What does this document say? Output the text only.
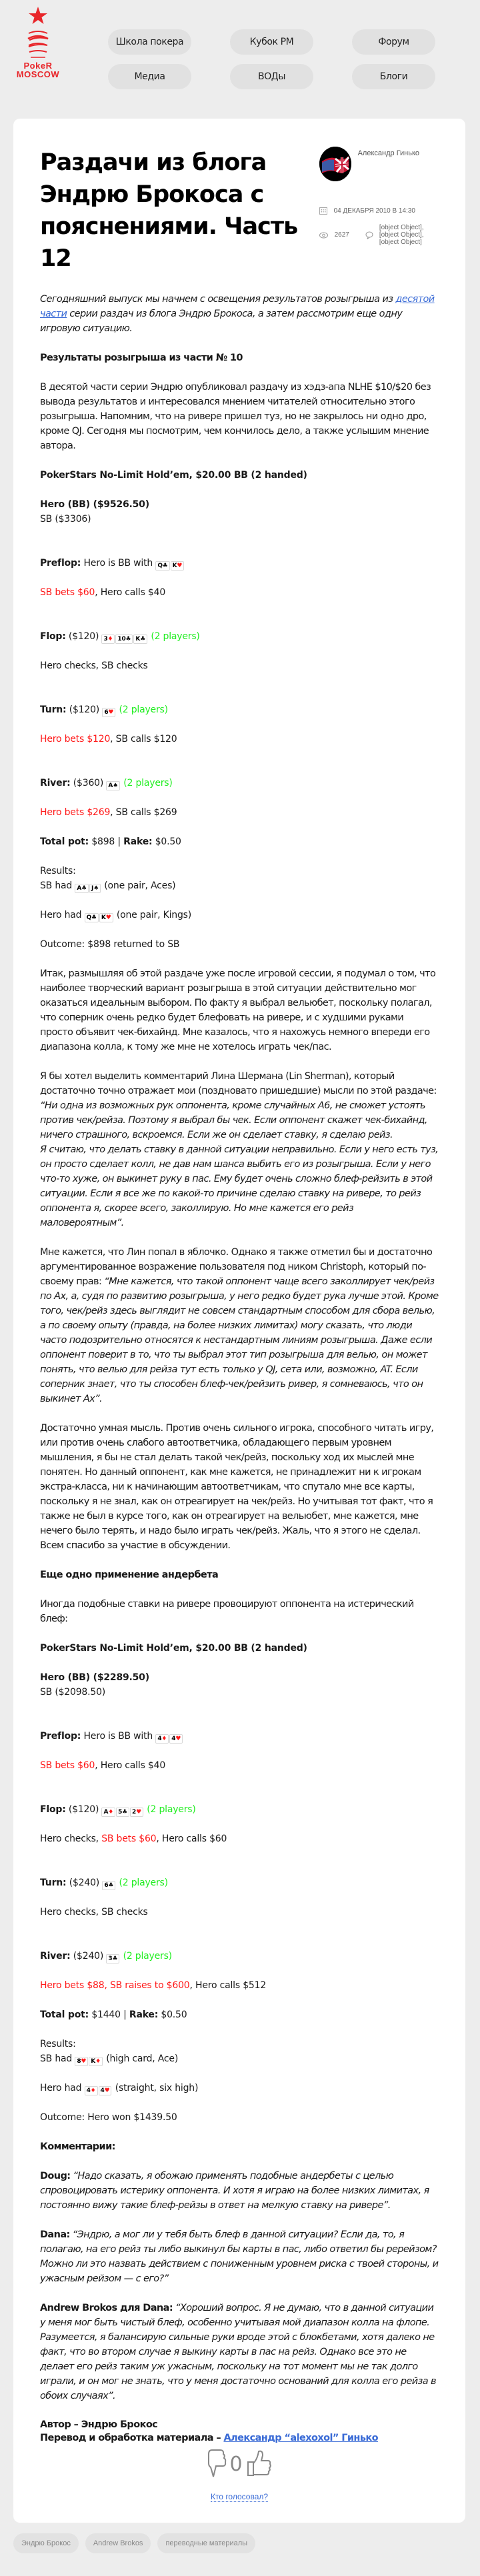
PokeR
MOSCOW
Школа покера	Кубок PM	Форум
Медиа	ВОДы	Блоги
Раздачи из блога Эндрю Брокоса с пояснениями. Часть 12
Александр Гинько
04 ДЕКАБРЯ 2010 В 14:30
2627
[object Object],[object Object],[object Object]

Сегодняшний выпуск мы начнем с освещения результатов розыгрыша из десятой части серии раздач из блога Эндрю Брокоса, а затем рассмотрим еще одну игровую ситуацию.

Результаты розыгрыша из части № 10

В десятой части серии Эндрю опубликовал раздачу из хэдз-апа NLHE $10/$20 без вывода результатов и интересовался мнением читателей относительно этого розыгрыша. Напомним, что на ривере пришел туз, но не закрылось ни одно дро, кроме QJ. Сегодня мы посмотрим, чем кончилось дело, а также услышим мнение автора.

PokerStars No-Limit Hold’em, $20.00 BB (2 handed)

Hero (BB) ($9526.50)

SB ($3306)

Preflop: Hero is BB with Q♣ K♥

SB bets $60, Hero calls $40

Flop: ($120) 3♦ 10♣ K♣ (2 players)

Hero checks, SB checks

Turn: ($120) 6♥ (2 players)

Hero bets $120, SB calls $120

River: ($360) A♠ (2 players)

Hero bets $269, SB calls $269

Total pot: $898 | Rake: $0.50

Results:

SB had A♣ J♠ (one pair, Aces)

Hero had Q♣ K♥ (one pair, Kings)

Outcome: $898 returned to SB

Итак, размышляя об этой раздаче уже после игровой сессии, я подумал о том, что наиболее творческий вариант розыгрыша в этой ситуации действительно мог оказаться идеальным выбором. По факту я выбрал вельюбет, поскольку полагал, что соперник очень редко будет блефовать на ривере, и с худшими руками просто объявит чек-бихайнд. Мне казалось, что я нахожусь немного впереди его диапазона колла, к тому же мне не хотелось играть чек/пас.

Я бы хотел выделить комментарий Лина Шермана (Lin Sherman), который достаточно точно отражает мои (поздновато пришедшие) мысли по этой раздаче: “Ни одна из возможных рук оппонента, кроме случайных A6, не сможет устоять против чек/рейза. Поэтому я выбрал бы чек. Если оппонент скажет чек-бихайнд, ничего страшного, вскроемся. Если же он сделает ставку, я сделаю рейз.
Я считаю, что делать ставку в данной ситуации неправильно. Если у него есть туз, он просто сделает колл, не дав нам шанса выбить его из розыгрыша. Если у него что-то хуже, он выкинет руку в пас. Ему будет очень сложно блеф-рейзить в этой ситуации. Если я все же по какой-то причине сделаю ставку на ривере, то рейз оппонента я, скорее всего, заколлирую. Но мне кажется его рейз маловероятным”.

Мне кажется, что Лин попал в яблочко. Однако я также отметил бы и достаточно аргументированное возражение пользователя под ником Christoph, который по-своему прав: “Мне кажется, что такой оппонент чаще всего заколлирует чек/рейз по Ax, а, судя по развитию розыгрыша, у него редко будет рука лучше этой. Кроме того, чек/рейз здесь выглядит не совсем стандартным способом для сбора велью, а по своему опыту (правда, на более низких лимитах) могу сказать, что люди часто подозрительно относятся к нестандартным линиям розыгрыша. Даже если оппонент поверит в то, что ты выбрал этот тип розыгрыша для велью, он может понять, что велью для рейза тут есть только у QJ, сета или, возможно, AT. Если соперник знает, что ты способен блеф-чек/рейзить ривер, я сомневаюсь, что он выкинет Ax”.

Достаточно умная мысль. Против очень сильного игрока, способного читать игру, или против очень слабого автоответчика, обладающего первым уровнем мышления, я бы не стал делать такой чек/рейз, поскольку ход их мыслей мне понятен. Но данный оппонент, как мне кажется, не принадлежит ни к игрокам экстра-класса, ни к начинающим автоответчикам, что спутало мне все карты, поскольку я не знал, как он отреагирует на чек/рейз. Но учитывая тот факт, что я также не был в курсе того, как он отреагирует на вельюбет, мне кажется, мне нечего было терять, и надо было играть чек/рейз. Жаль, что я этого не сделал. Всем спасибо за участие в обсуждении.

Еще одно применение андербета

Иногда подобные ставки на ривере провоцируют оппонента на истерический блеф:

PokerStars No-Limit Hold’em, $20.00 BB (2 handed)

Hero (BB) ($2289.50)

SB ($2098.50)

Preflop: Hero is BB with 4♦ 4♥

SB bets $60, Hero calls $40

Flop: ($120) A♦ 5♣ 2♥ (2 players)

Hero checks, SB bets $60, Hero calls $60

Turn: ($240) 6♣ (2 players)

Hero checks, SB checks

River: ($240) 3♣ (2 players)

Hero bets $88, SB raises to $600, Hero calls $512

Total pot: $1440 | Rake: $0.50

Results:

SB had 8♥ K♦ (high card, Ace)

Hero had 4♦ 4♥ (straight, six high)

Outcome: Hero won $1439.50

Комментарии:

Doug: “Надо сказать, я обожаю применять подобные андербеты с целью спровоцировать истерику оппонента. И хотя я играю на более низких лимитах, я постоянно вижу такие блеф-рейзы в ответ на мелкую ставку на ривере”.

Dana: “Эндрю, а мог ли у тебя быть блеф в данной ситуации? Если да, то, я полагаю, на его рейз ты либо выкинул бы карты в пас, либо ответил бы ререйзом? Можно ли это назвать действием с пониженным уровнем риска с твоей стороны, и ужасным рейзом — с его?”

Andrew Brokos для Dana: “Хороший вопрос. Я не думаю, что в данной ситуации у меня мог быть чистый блеф, особенно учитывая мой диапазон колла на флопе. Разумеется, я балансирую сильные руки вроде этой с блокбетами, хотя далеко не факт, что во втором случае я выкину карты в пас на рейз. Однако все это не делает его рейз таким уж ужасным, поскольку на тот момент мы не так долго играли, и он мог не знать, что у меня достаточно оснований для колла его рейза в обоих случаях”.

Автор – Эндрю Брокос
Перевод и обработка материала – Александр “alexoxol” Гинько
0
Кто голосовал?
Эндрю Брокос	Andrew Brokos	переводные материалы
